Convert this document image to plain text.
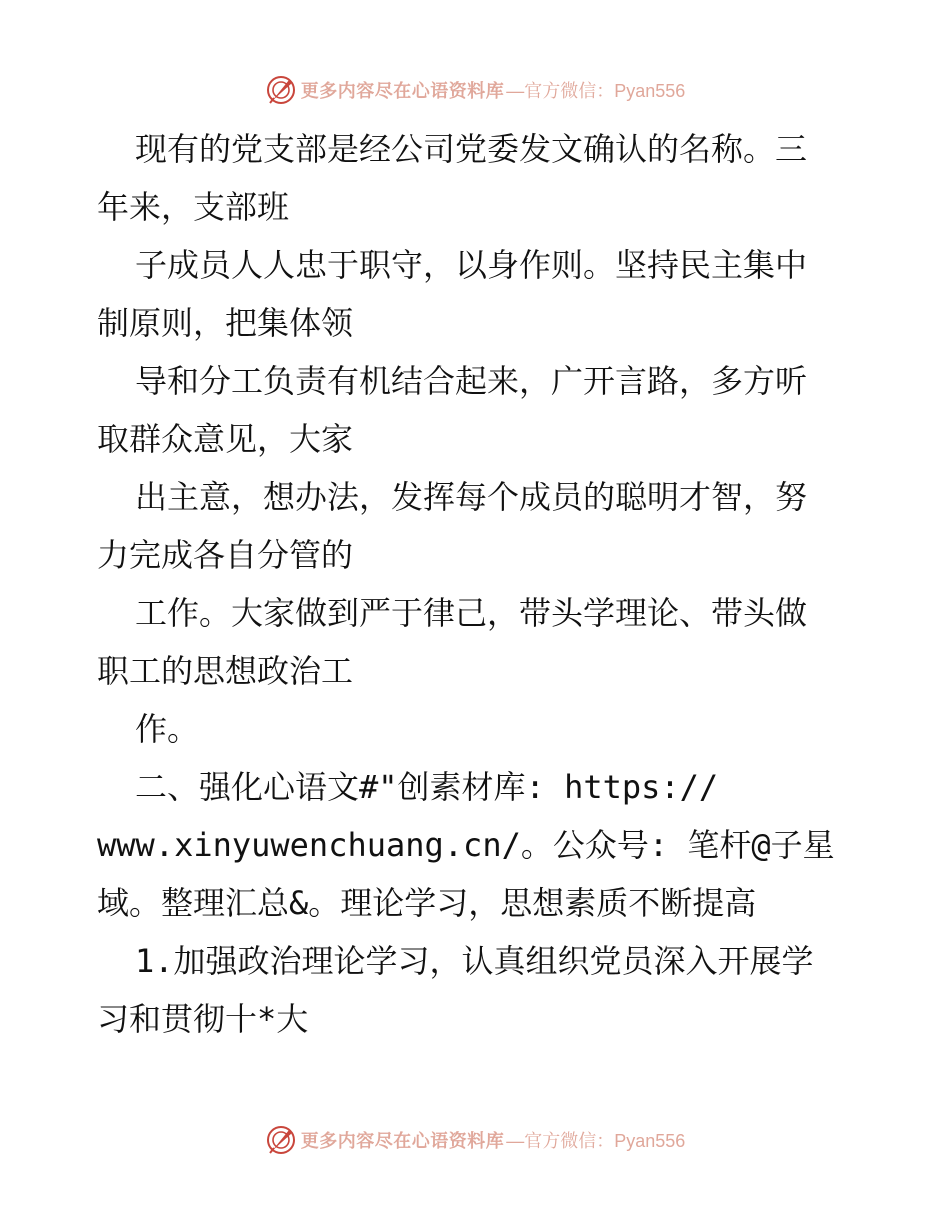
更多内容尽在心语资料库 —官方微信：Pyan556
现有的党支部是经公司党委发文确认的名称。三
年来，支部班
子成员人人忠于职守，以身作则。坚持民主集中
制原则，把集体领
导和分工负责有机结合起来，广开言路，多方听
取群众意见，大家
出主意，想办法，发挥每个成员的聪明才智，努
力完成各自分管的
工作。大家做到严于律己，带头学理论、带头做
职工的思想政治工
作。
二、强化心语文#"创素材库: https://
www.xinyuwenchuang.cn/。公众号: 笔杆@子星
域。整理汇总&。理论学习，思想素质不断提高
1.加强政治理论学习，认真组织党员深入开展学
习和贯彻十*大
更多内容尽在心语资料库 —官方微信：Pyan556
